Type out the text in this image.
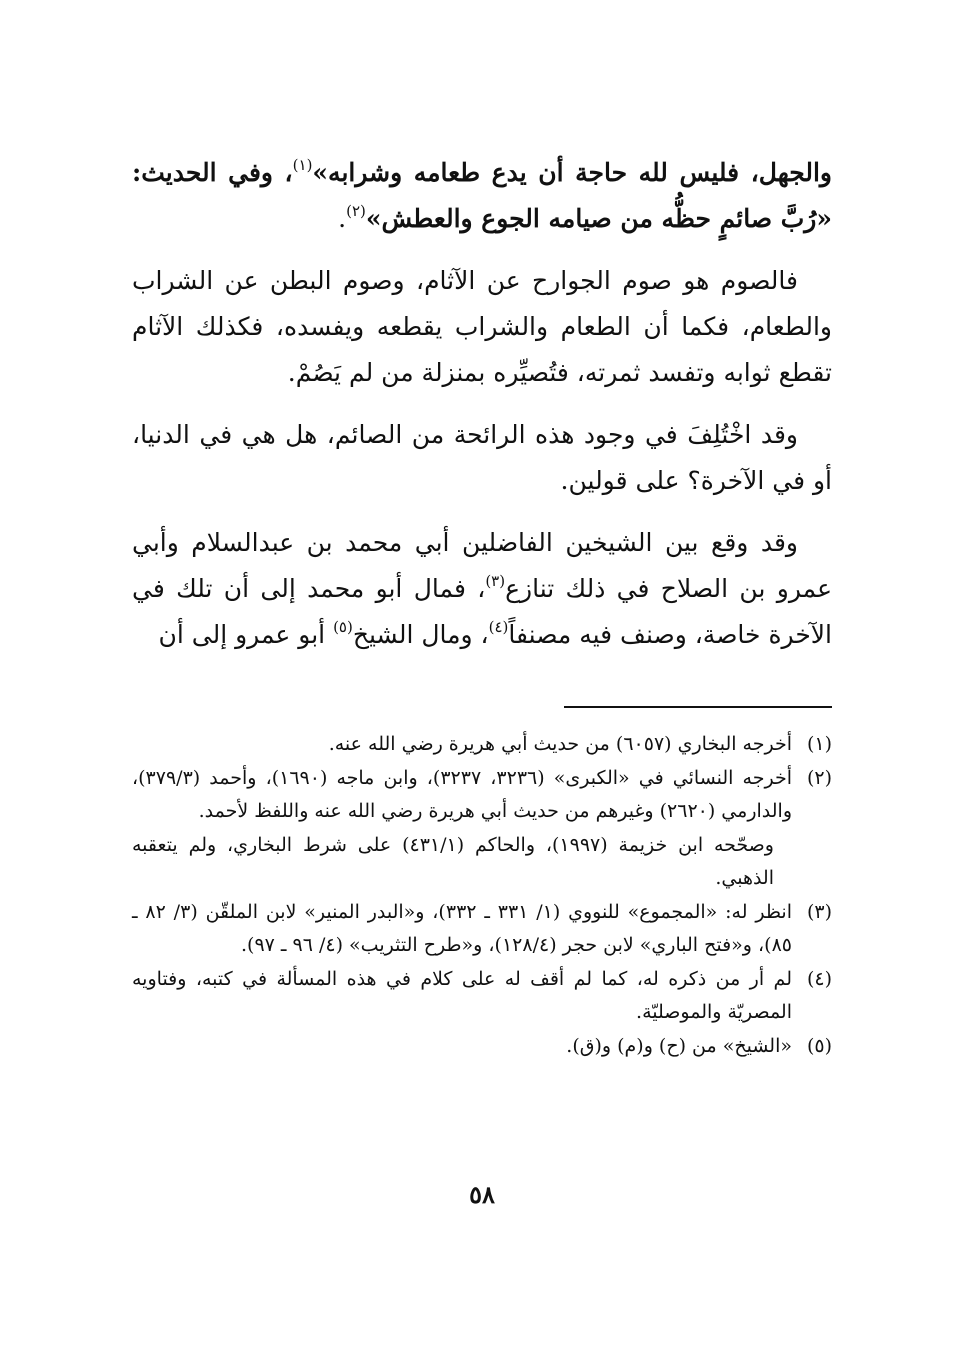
والجهل، فليس لله حاجة أن يدع طعامه وشرابه»$^{(١)}$، وفي الحديث: «رُبَّ صائمٍ حظُّه من صيامه الجوع والعطش»$^{(٢)}$.

فالصوم هو صوم الجوارح عن الآثام، وصوم البطن عن الشراب والطعام، فكما أن الطعام والشراب يقطعه ويفسده، فكذلك الآثام تقطع ثوابه وتفسد ثمرته، فتُصيِّره بمنزلة من لم يَصُمْ.

وقد اخْتُلِفَ في وجود هذه الرائحة من الصائم، هل هي في الدنيا، أو في الآخرة؟ على قولين.

وقد وقع بين الشيخين الفاضلين أبي محمد بن عبدالسلام وأبي عمرو بن الصلاح في ذلك تنازع$^{(٣)}$، فمال أبو محمد إلى أن تلك في الآخرة خاصة، وصنف فيه مصنفاً$^{(٤)}$، ومال الشيخ$^{(٥)}$ أبو عمرو إلى أن

(١)
أخرجه البخاري (٦٠٥٧) من حديث أبي هريرة رضي الله عنه.
(٢)
أخرجه النسائي في «الكبرى» (٣٢٣٦، ٣٢٣٧)، وابن ماجه (١٦٩٠)، وأحمد (٣٧٩/٣)، والدارمي (٢٦٢٠) وغيرهم من حديث أبي هريرة رضي الله عنه واللفظ لأحمد.

وصحّحه ابن خزيمة (١٩٩٧)، والحاكم (٤٣١/١) على شرط البخاري، ولم يتعقبه الذهبي.

(٣)
انظر له: «المجموع» للنووي (١/ ٣٣١ ـ ٣٣٢)، و«البدر المنير» لابن الملقّن (٣/ ٨٢ ـ ٨٥)، و«فتح الباري» لابن حجر (١٢٨/٤)، و«طرح التثريب» (٤/ ٩٦ ـ ٩٧).
(٤)
لم أر من ذكره له، كما لم أقف له على كلام في هذه المسألة في كتبه، وفتاويه المصريّة والموصليّة.
(٥)
«الشيخ» من (ح) و(م) و(ق).
٥٨
